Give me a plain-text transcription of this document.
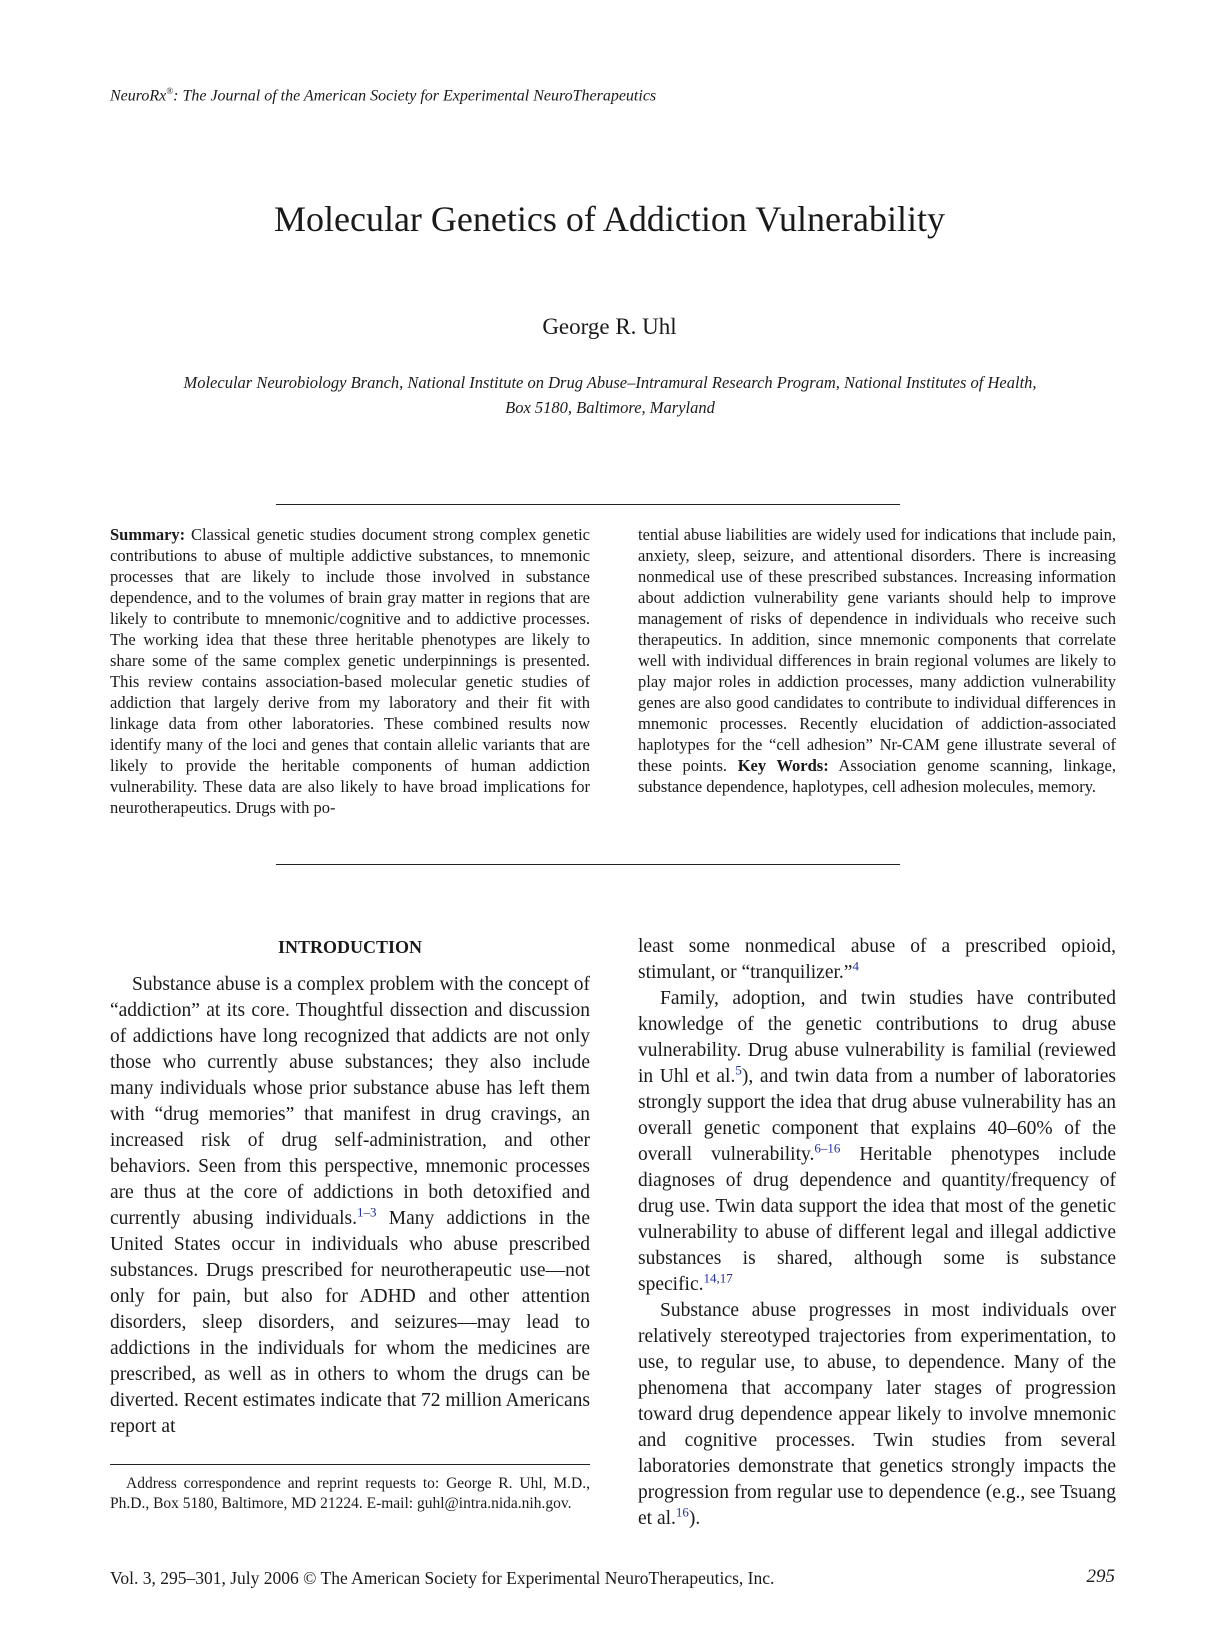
NeuroRx®: The Journal of the American Society for Experimental NeuroTherapeutics
Molecular Genetics of Addiction Vulnerability
George R. Uhl
Molecular Neurobiology Branch, National Institute on Drug Abuse–Intramural Research Program, National Institutes of Health,
Box 5180, Baltimore, Maryland
Summary: Classical genetic studies document strong complex genetic contributions to abuse of multiple addictive substances, to mnemonic processes that are likely to include those involved in substance dependence, and to the volumes of brain gray matter in regions that are likely to contribute to mnemonic/cognitive and to addictive processes. The working idea that these three heritable phenotypes are likely to share some of the same complex genetic underpinnings is presented. This review contains association-based molecular genetic studies of addiction that largely derive from my laboratory and their fit with linkage data from other laboratories. These combined results now identify many of the loci and genes that contain allelic variants that are likely to provide the heritable components of human addiction vulnerability. These data are also likely to have broad implications for neurotherapeutics. Drugs with po-
tential abuse liabilities are widely used for indications that include pain, anxiety, sleep, seizure, and attentional disorders. There is increasing nonmedical use of these prescribed substances. Increasing information about addiction vulnerability gene variants should help to improve management of risks of dependence in individuals who receive such therapeutics. In addition, since mnemonic components that correlate well with individual differences in brain regional volumes are likely to play major roles in addiction processes, many addiction vulnerability genes are also good candidates to contribute to individual differences in mnemonic processes. Recently elucidation of addiction-associated haplotypes for the “cell adhesion” Nr-CAM gene illustrate several of these points. Key Words: Association genome scanning, linkage, substance dependence, haplotypes, cell adhesion molecules, memory.
INTRODUCTION

Substance abuse is a complex problem with the concept of “addiction” at its core. Thoughtful dissection and discussion of addictions have long recognized that addicts are not only those who currently abuse substances; they also include many individuals whose prior substance abuse has left them with “drug memories” that manifest in drug cravings, an increased risk of drug self-administration, and other behaviors. Seen from this perspective, mnemonic processes are thus at the core of addictions in both detoxified and currently abusing individuals.$^{1-3}$ Many addictions in the United States occur in individuals who abuse prescribed substances. Drugs prescribed for neurotherapeutic use—not only for pain, but also for ADHD and other attention disorders, sleep disorders, and seizures—may lead to addictions in the individuals for whom the medicines are prescribed, as well as in others to whom the drugs can be diverted. Recent estimates indicate that 72 million Americans report at

Address correspondence and reprint requests to: George R. Uhl, M.D., Ph.D., Box 5180, Baltimore, MD 21224. E-mail: guhl@intra.nida.nih.gov.

least some nonmedical abuse of a prescribed opioid, stimulant, or “tranquilizer.”$^4$

Family, adoption, and twin studies have contributed knowledge of the genetic contributions to drug abuse vulnerability. Drug abuse vulnerability is familial (reviewed in Uhl et al.$^5$), and twin data from a number of laboratories strongly support the idea that drug abuse vulnerability has an overall genetic component that explains 40–60% of the overall vulnerability.$^{6-16}$ Heritable phenotypes include diagnoses of drug dependence and quantity/frequency of drug use. Twin data support the idea that most of the genetic vulnerability to abuse of different legal and illegal addictive substances is shared, although some is substance specific.$^{14,17}$

Substance abuse progresses in most individuals over relatively stereotyped trajectories from experimentation, to use, to regular use, to abuse, to dependence. Many of the phenomena that accompany later stages of progression toward drug dependence appear likely to involve mnemonic and cognitive processes. Twin studies from several laboratories demonstrate that genetics strongly impacts the progression from regular use to dependence (e.g., see Tsuang et al.$^{16}$).

Vol. 3, 295–301, July 2006 © The American Society for Experimental NeuroTherapeutics, Inc.	295
